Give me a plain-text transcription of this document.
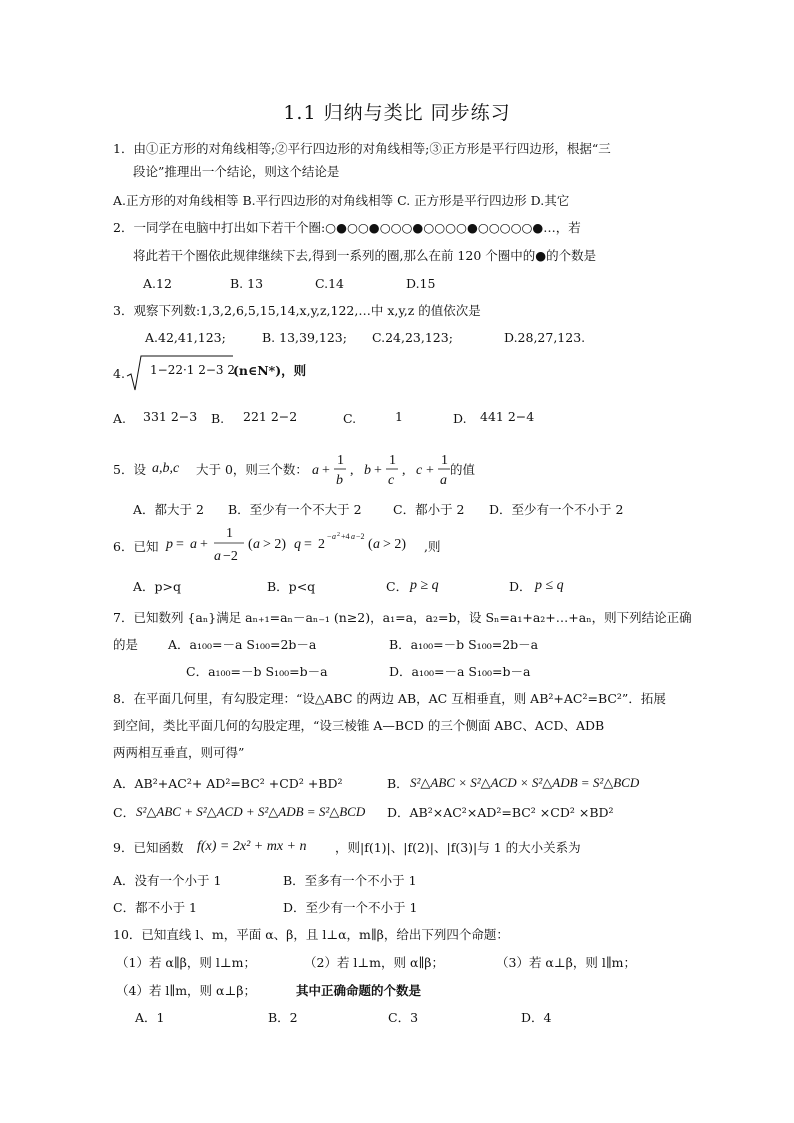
1.1 归纳与类比 同步练习
1．由①正方形的对角线相等;②平行四边形的对角线相等;③正方形是平行四边形，根据“三
段论”推理出一个结论，则这个结论是
A.正方形的对角线相等 B.平行四边形的对角线相等 C. 正方形是平行四边形 D.其它
2．一同学在电脑中打出如下若干个圈:○●○○●○○○●○○○○●○○○○○●…，若
将此若干个圈依此规律继续下去,得到一系列的圈,那么在前 120 个圈中的●的个数是
A.12	B. 13	C.14	D.15
3．观察下列数:1,3,2,6,5,15,14,x,y,z,122,…中 x,y,z 的值依次是
A.42,41,123;	B. 13,39,123; C.24,23,123;	D.28,27,123.
4. 1−22·1 2−3 2
(n∈N*)，则
A. 331 2−3 B. 221 2−2	C.	1	D. 441 2−4
5．设 a,b,c 大于 0，则三个数： a +
1
b
, b +
1
c
, c +
1
a
的值
A．都大于 2 B．至少有一个不大于 2	C．都小于 2 D．至少有一个不小于 2
6．已知 p = a +
1
a −2
( a > 2) q = 2
− a 2 +4 a −2
( a > 2) ,则
A．p>q	B．p<q	C． p ≥ q	D． p ≤ q
7．已知数列 {aₙ}满足 aₙ₊₁=aₙ－aₙ₋₁ (n≥2)，a₁=a，a₂=b，设 Sₙ=a₁+a₂+…+aₙ，则下列结论正确
的是 A．a₁₀₀=－a S₁₀₀=2b－a	B．a₁₀₀=－b S₁₀₀=2b－a
C．a₁₀₀=－b S₁₀₀=b－a	D．a₁₀₀=－a S₁₀₀=b－a
8．在平面几何里，有勾股定理：“设△ABC 的两边 AB，AC 互相垂直，则 AB²+AC²=BC²”．拓展
到空间，类比平面几何的勾股定理，“设三棱锥 A—BCD 的三个侧面 ABC、ACD、ADB
两两相互垂直，则可得”
A．AB²+AC²+ AD²=BC² +CD² +BD²	B． S²△ABC × S²△ACD × S²△ADB = S²△BCD
C． S²△ABC + S²△ACD + S²△ADB = S²△BCD D．AB²×AC²×AD²=BC² ×CD² ×BD²
9．已知函数 f(x) = 2x² + mx + n ，则|f(1)|、|f(2)|、|f(3)|与 1 的大小关系为
A．没有一个小于 1	B．至多有一个不小于 1
C．都不小于 1	D．至少有一个不小于 1
10．已知直线 l、m，平面 α、β，且 l⊥α，m∥β，给出下列四个命题：
（1）若 α∥β，则 l⊥m；	（2）若 l⊥m，则 α∥β；	（3）若 α⊥β，则 l∥m；
（4）若 l∥m，则 α⊥β；	其中正确命题的个数是
A．1	B．2	C．3	D．4
